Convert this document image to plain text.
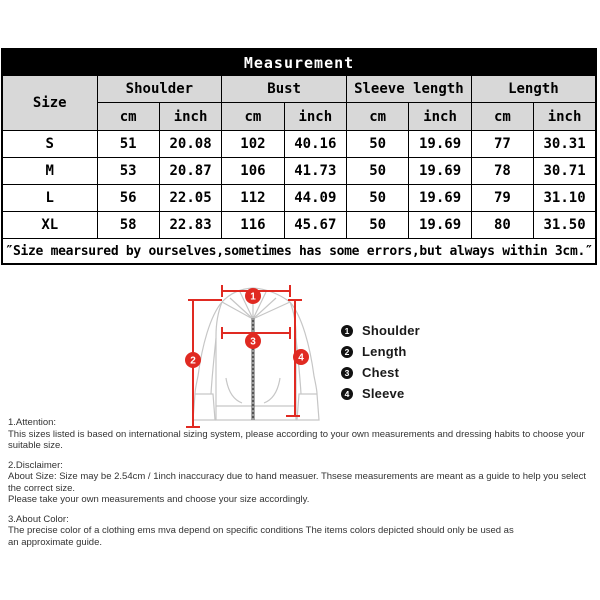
Measurement								
Size	Shoulder		Bust		Sleeve length		Length	
	cm	inch	cm	inch	cm	inch	cm	inch
S	51	20.08	102	40.16	50	19.69	77	30.31
M	53	20.87	106	41.73	50	19.69	78	30.71
L	56	22.05	112	44.09	50	19.69	79	31.10
XL	58	22.83	116	45.67	50	19.69	80	31.50
″Size mearsured by ourselves,sometimes has some errors,but always within 3cm.″								
1
2
3
4
1 Shoulder
2 Length
3 Chest
4 Sleeve

1.Attention:

This sizes listed is based on international sizing system, please according to your own measurements and dressing habits to choose your suitable size.

2.Disclaimer:

About Size: Size may be 2.54cm / 1inch inaccuracy due to hand measuer. Thsese measurements are meant as a guide to help you select the correct size.

Please take your own measurements and choose your size accordingly.

3.About Color:

The precise color of a clothing ems mva depend on specific conditions The items colors depicted should only be used as

an approximate guide.
